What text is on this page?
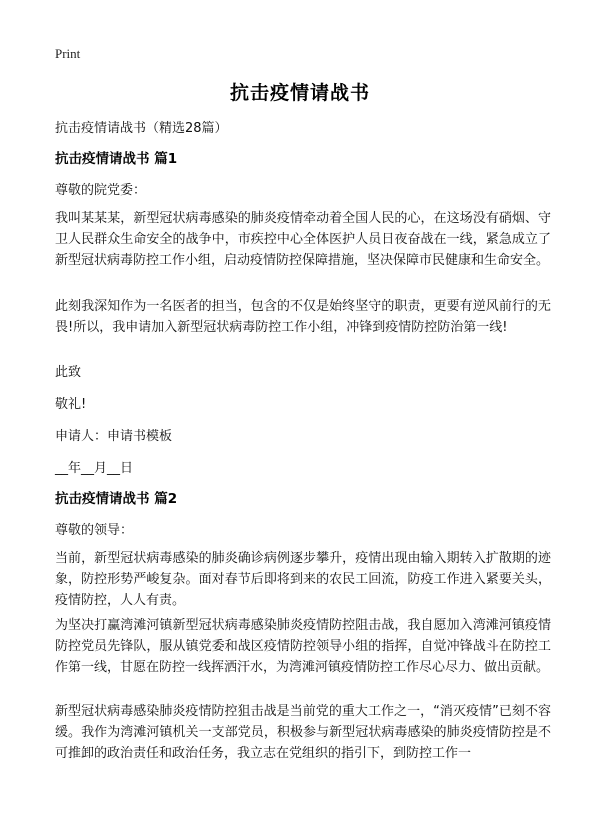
Print
抗击疫情请战书
抗击疫情请战书（精选28篇）
抗击疫情请战书 篇1
尊敬的院党委：
我叫某某某，新型冠状病毒感染的肺炎疫情牵动着全国人民的心，在这场没有硝烟、守卫人民群众生命安全的战争中，市疾控中心全体医护人员日夜奋战在一线，紧急成立了新型冠状病毒防控工作小组，启动疫情防控保障措施，坚决保障市民健康和生命安全。
此刻我深知作为一名医者的担当，包含的不仅是始终坚守的职责，更要有逆风前行的无畏!所以，我申请加入新型冠状病毒防控工作小组，冲锋到疫情防控防治第一线!
此致
敬礼!
申请人：申请书模板
__年__月__日
抗击疫情请战书 篇2
尊敬的领导：
当前，新型冠状病毒感染的肺炎确诊病例逐步攀升，疫情出现由输入期转入扩散期的迹象，防控形势严峻复杂。面对春节后即将到来的农民工回流，防疫工作进入紧要关头，疫情防控，人人有责。
为坚决打赢湾滩河镇新型冠状病毒感染肺炎疫情防控阻击战，我自愿加入湾滩河镇疫情防控党员先锋队，服从镇党委和战区疫情防控领导小组的指挥，自觉冲锋战斗在防控工作第一线，甘愿在防控一线挥洒汗水，为湾滩河镇疫情防控工作尽心尽力、做出贡献。
新型冠状病毒感染肺炎疫情防控狙击战是当前党的重大工作之一，“消灭疫情”已刻不容缓。我作为湾滩河镇机关一支部党员，积极参与新型冠状病毒感染的肺炎疫情防控是不可推卸的政治责任和政治任务，我立志在党组织的指引下，到防控工作一
